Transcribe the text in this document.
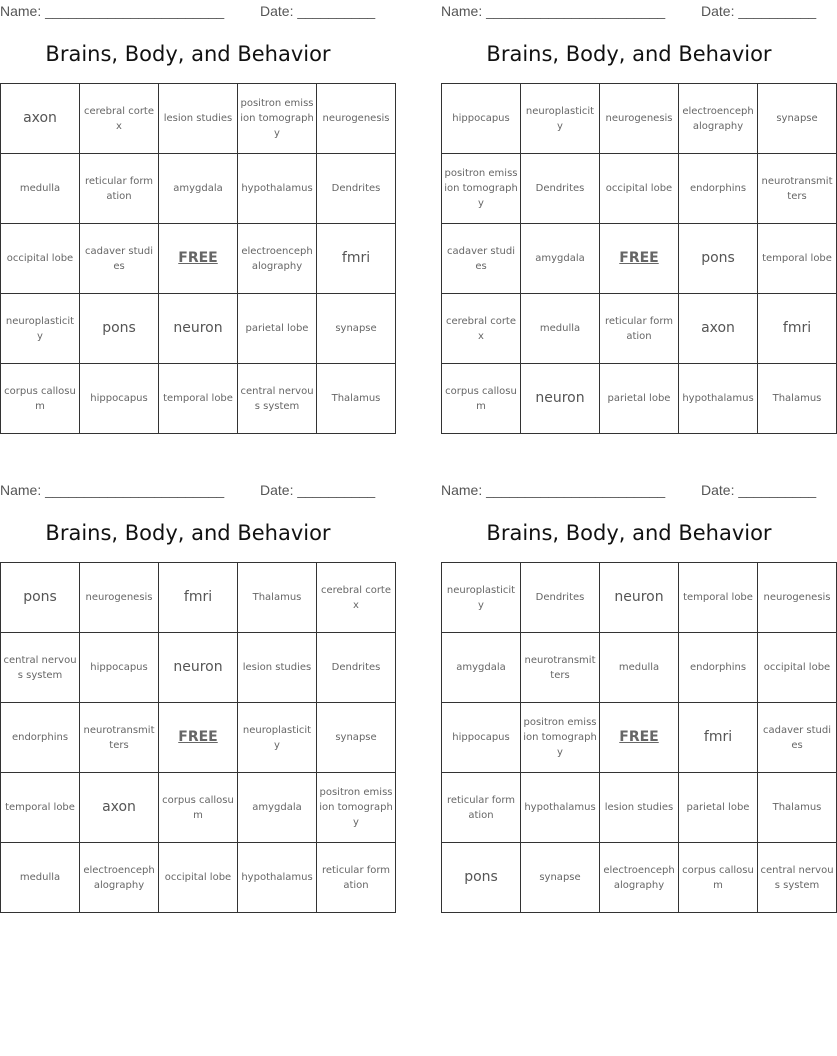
Name: _______________________	Date: __________
Brains, Body, and Behavior
axon	cerebral cortex	lesion studies	positron emission tomography	neurogenesis
medulla	reticular formation	amygdala	hypothalamus	Dendrites
occipital lobe	cadaver studies	FREE	electroencephalography	fmri
neuroplasticity	pons	neuron	parietal lobe	synapse
corpus callosum	hippocapus	temporal lobe	central nervous system	Thalamus
Name: _______________________	Date: __________
Brains, Body, and Behavior
hippocapus	neuroplasticity	neurogenesis	electroencephalography	synapse
positron emission tomography	Dendrites	occipital lobe	endorphins	neurotransmitters
cadaver studies	amygdala	FREE	pons	temporal lobe
cerebral cortex	medulla	reticular formation	axon	fmri
corpus callosum	neuron	parietal lobe	hypothalamus	Thalamus
Name: _______________________	Date: __________
Brains, Body, and Behavior
pons	neurogenesis	fmri	Thalamus	cerebral cortex
central nervous system	hippocapus	neuron	lesion studies	Dendrites
endorphins	neurotransmitters	FREE	neuroplasticity	synapse
temporal lobe	axon	corpus callosum	amygdala	positron emission tomography
medulla	electroencephalography	occipital lobe	hypothalamus	reticular formation
Name: _______________________	Date: __________
Brains, Body, and Behavior
neuroplasticity	Dendrites	neuron	temporal lobe	neurogenesis
amygdala	neurotransmitters	medulla	endorphins	occipital lobe
hippocapus	positron emission tomography	FREE	fmri	cadaver studies
reticular formation	hypothalamus	lesion studies	parietal lobe	Thalamus
pons	synapse	electroencephalography	corpus callosum	central nervous system
